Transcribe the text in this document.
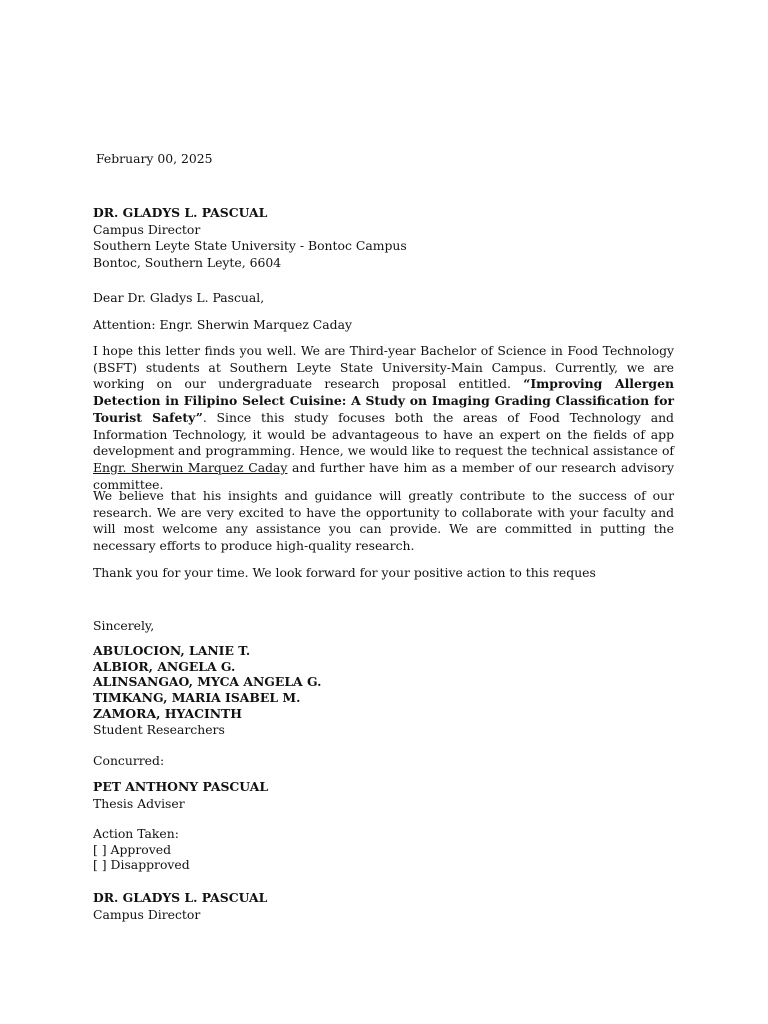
February 00, 2025
DR. GLADYS L. PASCUAL
Campus Director
Southern Leyte State University - Bontoc Campus
Bontoc, Southern Leyte, 6604
Dear Dr. Gladys L. Pascual,
Attention: Engr. Sherwin Marquez Caday

I hope this letter finds you well. We are Third-year Bachelor of Science in Food Technology (BSFT) students at Southern Leyte State University-Main Campus. Currently, we are working on our undergraduate research proposal entitled. “Improving Allergen Detection in Filipino Select Cuisine: A Study on Imaging Grading Classification for Tourist Safety”. Since this study focuses both the areas of Food Technology and Information Technology, it would be advantageous to have an expert on the fields of app development and programming. Hence, we would like to request the technical assistance of Engr. Sherwin Marquez Caday and further have him as a member of our research advisory committee.

We believe that his insights and guidance will greatly contribute to the success of our research. We are very excited to have the opportunity to collaborate with your faculty and will most welcome any assistance you can provide. We are committed in putting the necessary efforts to produce high-quality research.

Thank you for your time. We look forward for your positive action to this reques

Sincerely,
ABULOCION, LANIE T.
ALBIOR, ANGELA G.
ALINSANGAO, MYCA ANGELA G.
TIMKANG, MARIA ISABEL M.
ZAMORA, HYACINTH
Student Researchers
Concurred:
PET ANTHONY PASCUAL
Thesis Adviser
Action Taken:
[ ] Approved
[ ] Disapproved
DR. GLADYS L. PASCUAL
Campus Director
